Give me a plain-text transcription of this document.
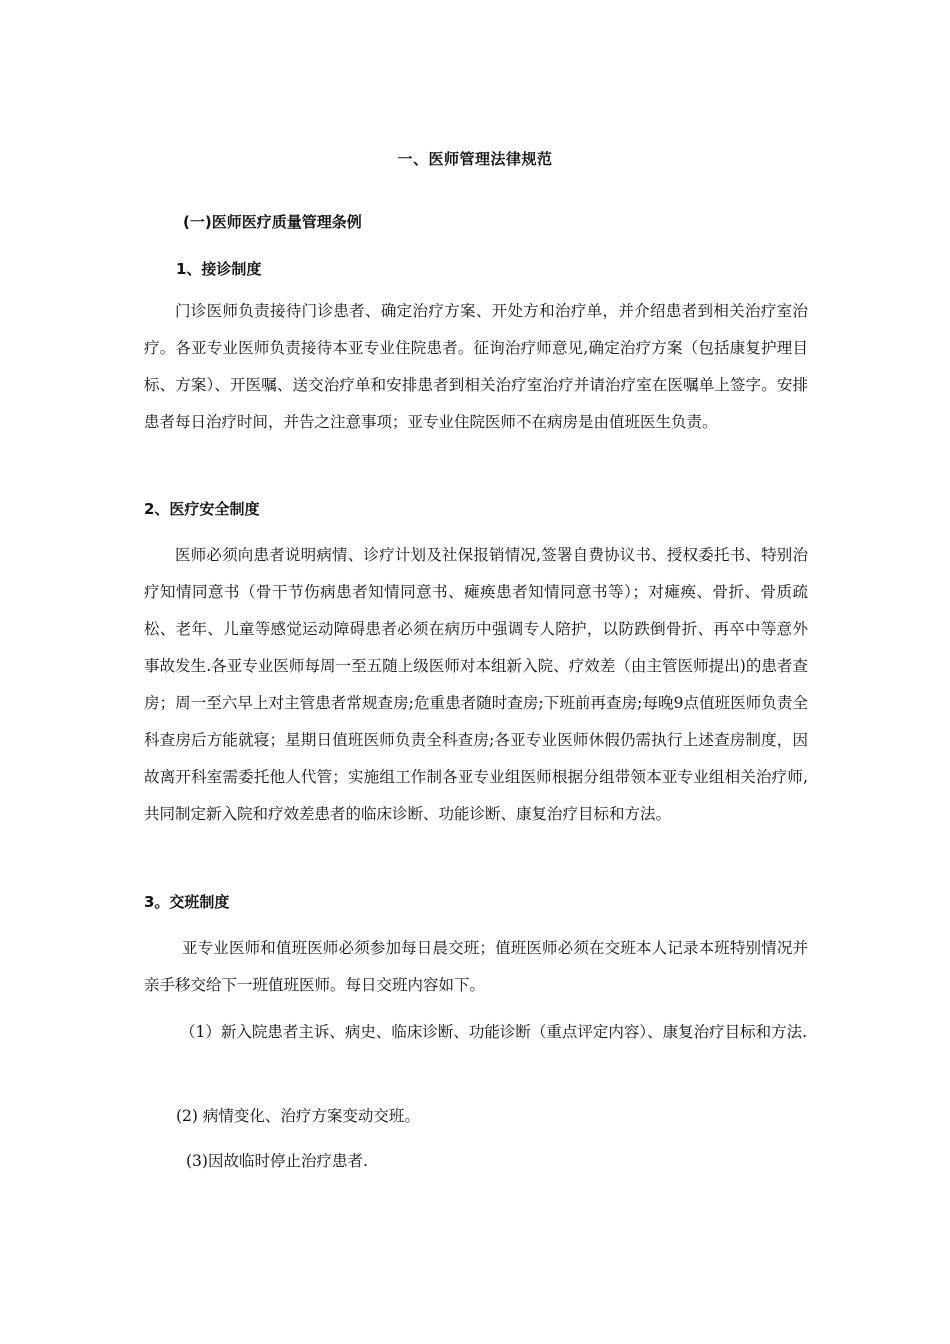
一、医师管理法律规范
(一)医师医疗质量管理条例
1、接诊制度

门诊医师负责接待门诊患者、确定治疗方案、开处方和治疗单，并介绍患者到相关治疗室治疗。各亚专业医师负责接待本亚专业住院患者。征询治疗师意见,确定治疗方案（包括康复护理目标、方案）、开医嘱、送交治疗单和安排患者到相关治疗室治疗并请治疗室在医嘱单上签字。安排患者每日治疗时间，并告之注意事项；亚专业住院医师不在病房是由值班医生负责。

2、医疗安全制度

医师必须向患者说明病情、诊疗计划及社保报销情况,签署自费协议书、授权委托书、特别治疗知情同意书（骨干节伤病患者知情同意书、瘫痪患者知情同意书等）；对瘫痪、骨折、骨质疏松、老年、儿童等感觉运动障碍患者必须在病历中强调专人陪护，以防跌倒骨折、再卒中等意外事故发生.各亚专业医师每周一至五随上级医师对本组新入院、疗效差（由主管医师提出)的患者查房；周一至六早上对主管患者常规查房;危重患者随时查房;下班前再查房;每晚9点值班医师负责全科查房后方能就寝；星期日值班医师负责全科查房;各亚专业医师休假仍需执行上述查房制度，因故离开科室需委托他人代管；实施组工作制各亚专业组医师根据分组带领本亚专业组相关治疗师,共同制定新入院和疗效差患者的临床诊断、功能诊断、康复治疗目标和方法。

3。交班制度

亚专业医师和值班医师必须参加每日晨交班；值班医师必须在交班本人记录本班特别情况并亲手移交给下一班值班医师。每日交班内容如下。

（1）新入院患者主诉、病史、临床诊断、功能诊断（重点评定内容）、康复治疗目标和方法.

(2) 病情变化、治疗方案变动交班。

(3)因故临时停止治疗患者.
